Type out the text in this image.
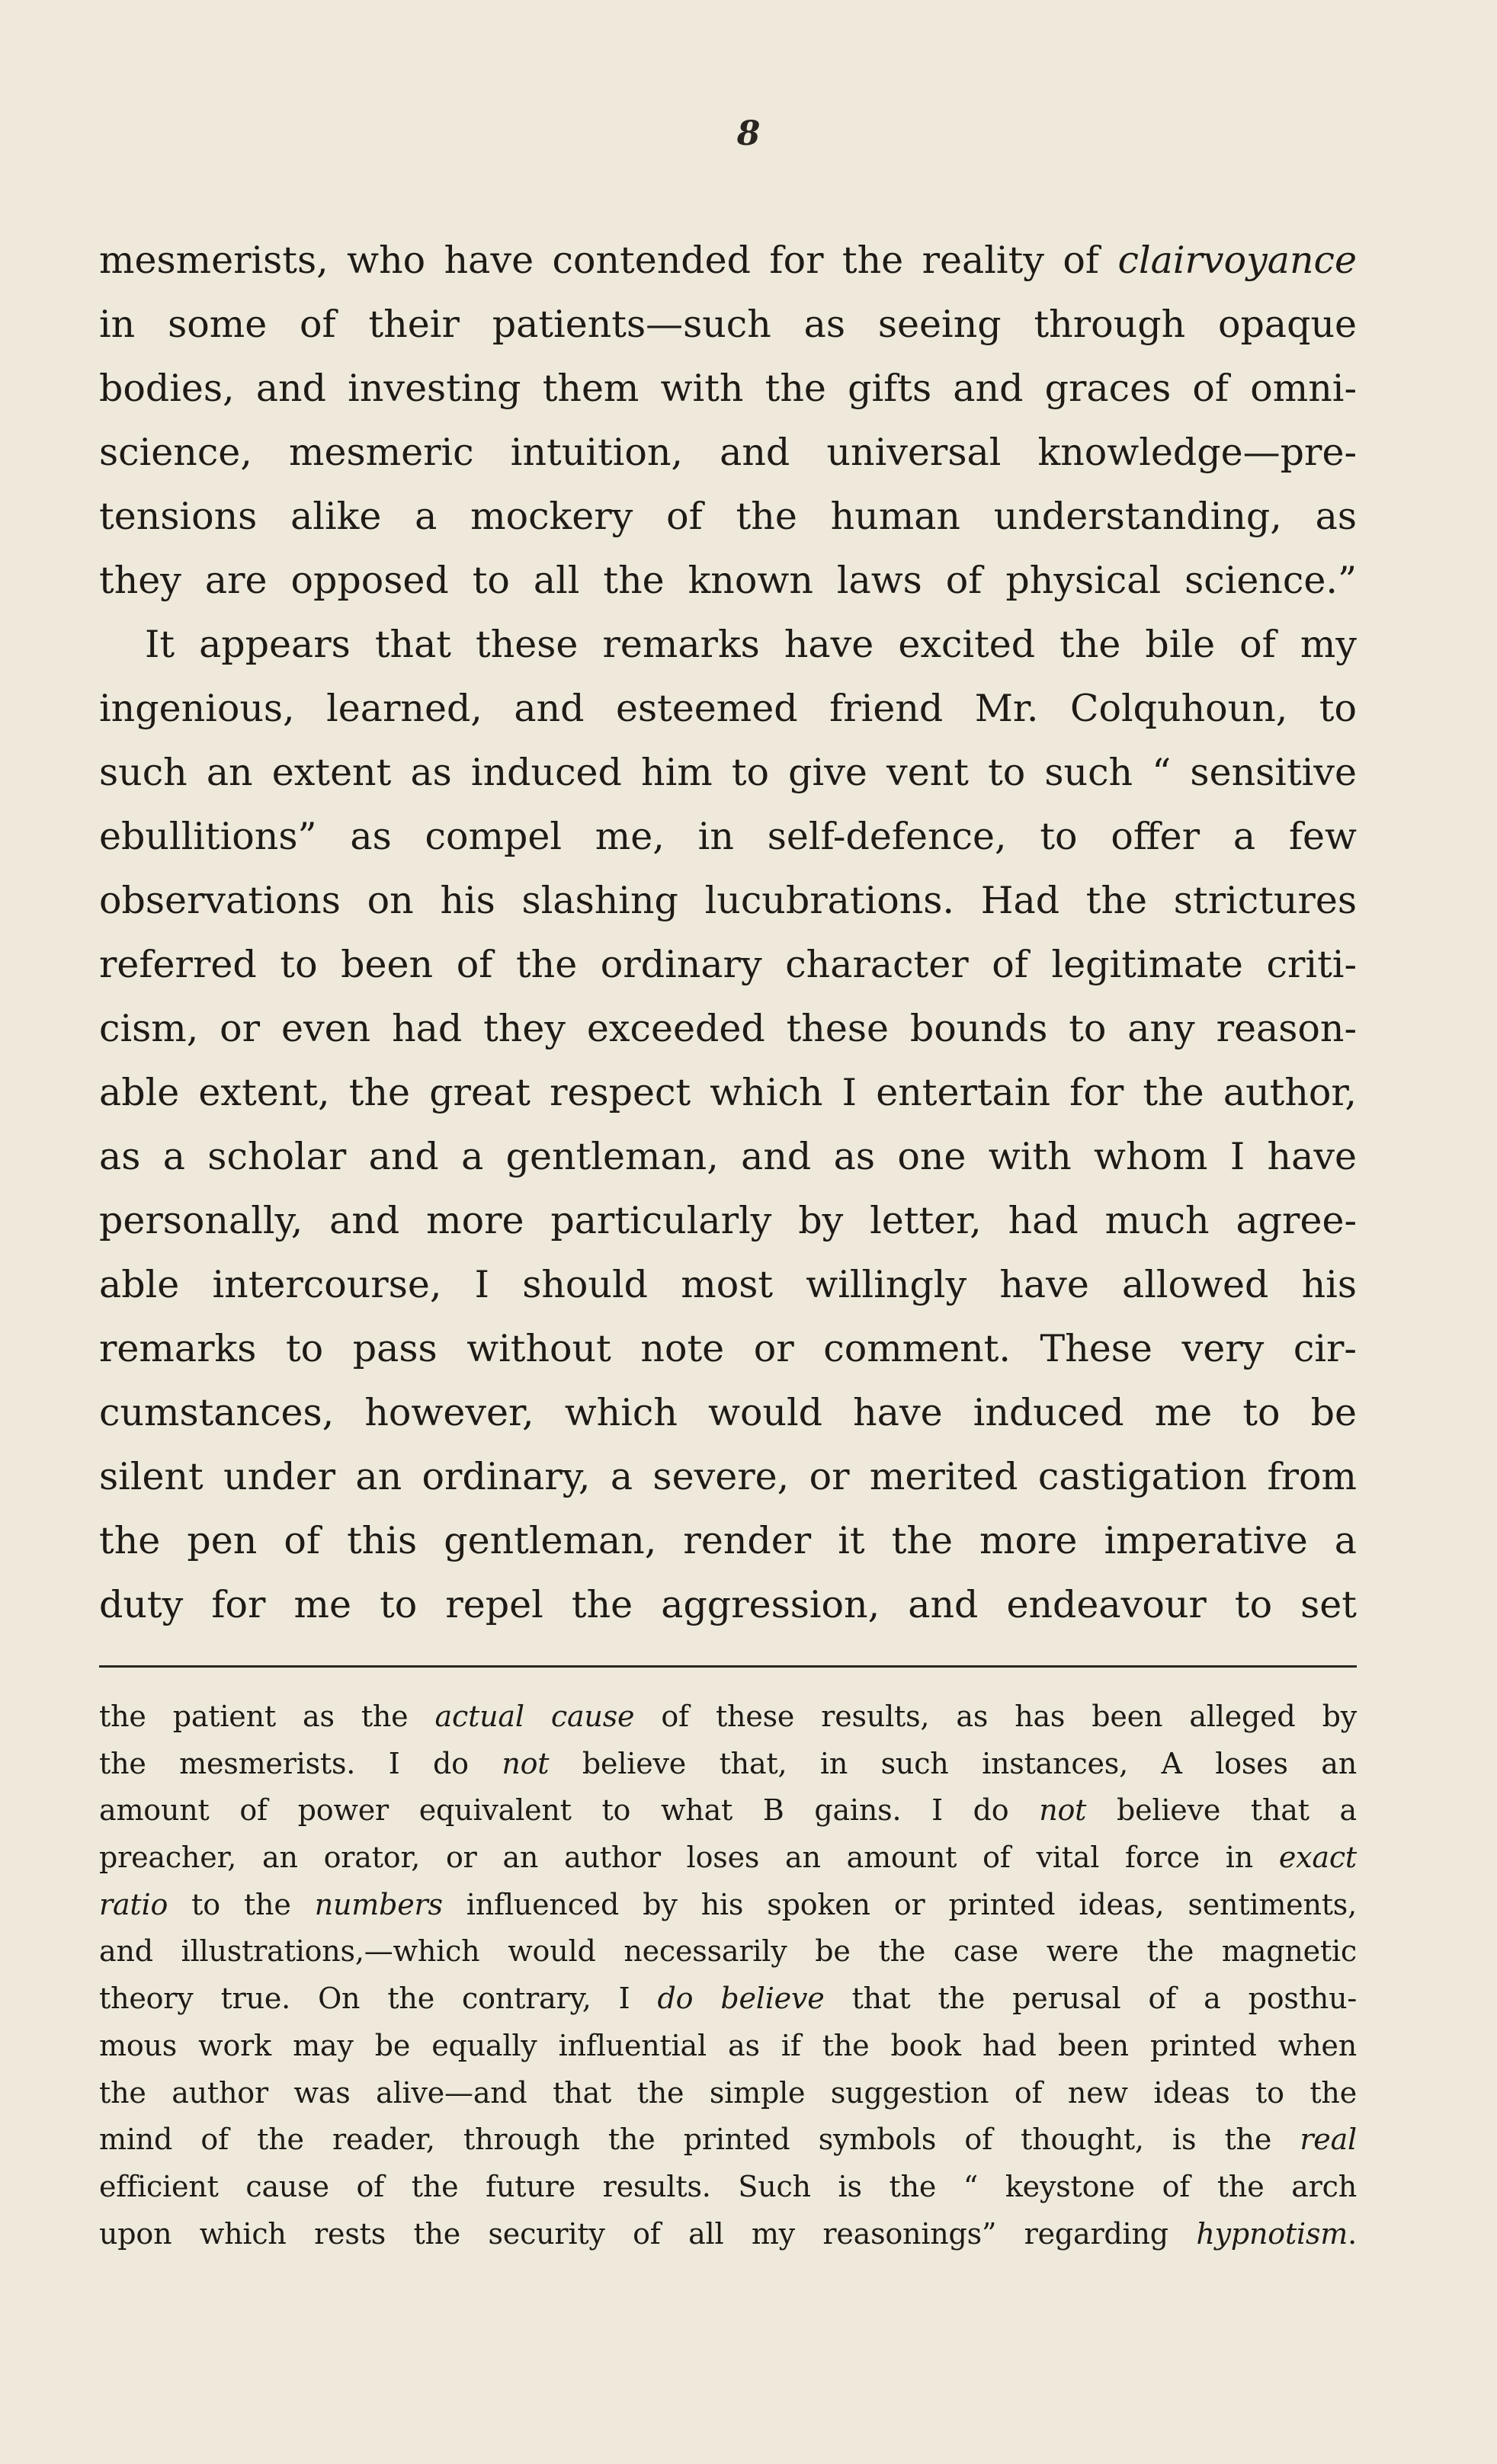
8
mesmerists, who have contended for the reality of clairvoyance
in some of their patients—such as seeing through opaque
bodies, and investing them with the gifts and graces of omni-
science, mesmeric intuition, and universal knowledge—pre-
tensions alike a mockery of the human understanding, as
they are opposed to all the known laws of physical science.”
It appears that these remarks have excited the bile of my
ingenious, learned, and esteemed friend Mr. Colquhoun, to
such an extent as induced him to give vent to such “ sensitive
ebullitions” as compel me, in self-defence, to offer a few
observations on his slashing lucubrations. Had the strictures
referred to been of the ordinary character of legitimate criti-
cism, or even had they exceeded these bounds to any reason-
able extent, the great respect which I entertain for the author,
as a scholar and a gentleman, and as one with whom I have
personally, and more particularly by letter, had much agree-
able intercourse, I should most willingly have allowed his
remarks to pass without note or comment. These very cir-
cumstances, however, which would have induced me to be
silent under an ordinary, a severe, or merited castigation from
the pen of this gentleman, render it the more imperative a
duty for me to repel the aggression, and endeavour to set
the patient as the actual cause of these results, as has been alleged by
the mesmerists. I do not believe that, in such instances, A loses an
amount of power equivalent to what B gains. I do not believe that a
preacher, an orator, or an author loses an amount of vital force in exact
ratio to the numbers influenced by his spoken or printed ideas, sentiments,
and illustrations,—which would necessarily be the case were the magnetic
theory true. On the contrary, I do believe that the perusal of a posthu-
mous work may be equally influential as if the book had been printed when
the author was alive—and that the simple suggestion of new ideas to the
mind of the reader, through the printed symbols of thought, is the real
efficient cause of the future results. Such is the “ keystone of the arch
upon which rests the security of all my reasonings” regarding hypnotism.
